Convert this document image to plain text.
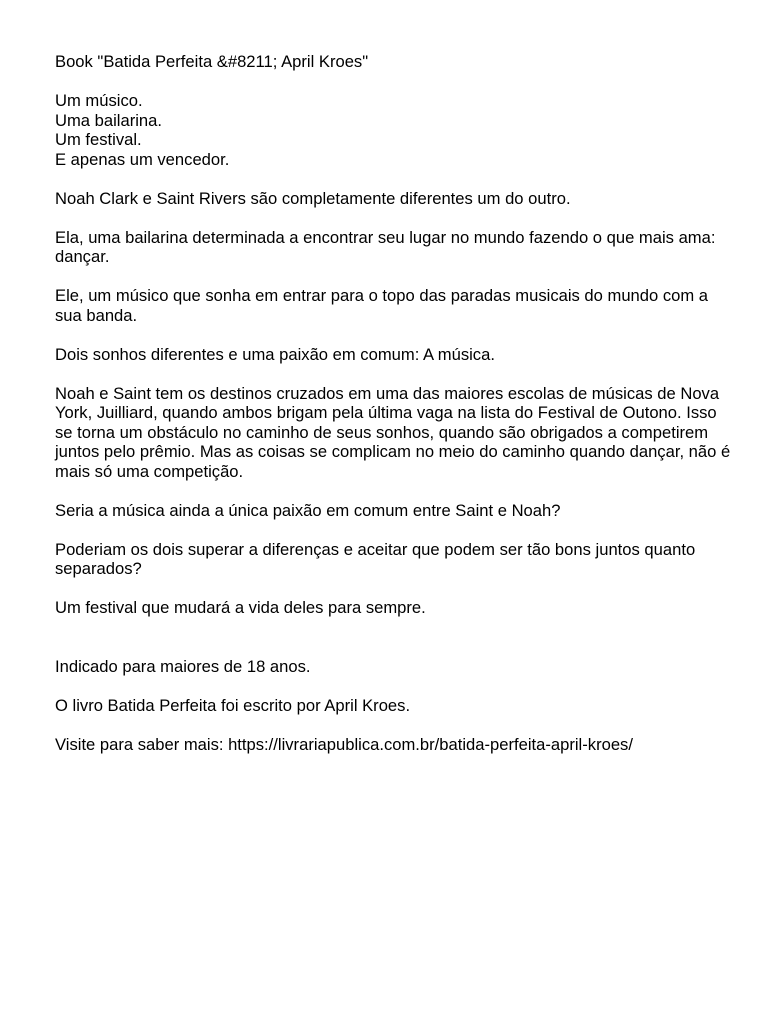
Book "Batida Perfeita &#8211; April Kroes"

Um músico.
Uma bailarina.
Um festival.
E apenas um vencedor.

Noah Clark e Saint Rivers são completamente diferentes um do outro.

Ela, uma bailarina determinada a encontrar seu lugar no mundo fazendo o que mais ama: dançar.

Ele, um músico que sonha em entrar para o topo das paradas musicais do mundo com a sua banda.

Dois sonhos diferentes e uma paixão em comum: A música.

Noah e Saint tem os destinos cruzados em uma das maiores escolas de músicas de Nova York, Juilliard, quando ambos brigam pela última vaga na lista do Festival de Outono. Isso se torna um obstáculo no caminho de seus sonhos, quando são obrigados a competirem juntos pelo prêmio. Mas as coisas se complicam no meio do caminho quando dançar, não é mais só uma competição.

Seria a música ainda a única paixão em comum entre Saint e Noah?

Poderiam os dois superar a diferenças e aceitar que podem ser tão bons juntos quanto separados?

Um festival que mudará a vida deles para sempre.

Indicado para maiores de 18 anos.

O livro Batida Perfeita foi escrito por April Kroes.

Visite para saber mais: https://livrariapublica.com.br/batida-perfeita-april-kroes/
